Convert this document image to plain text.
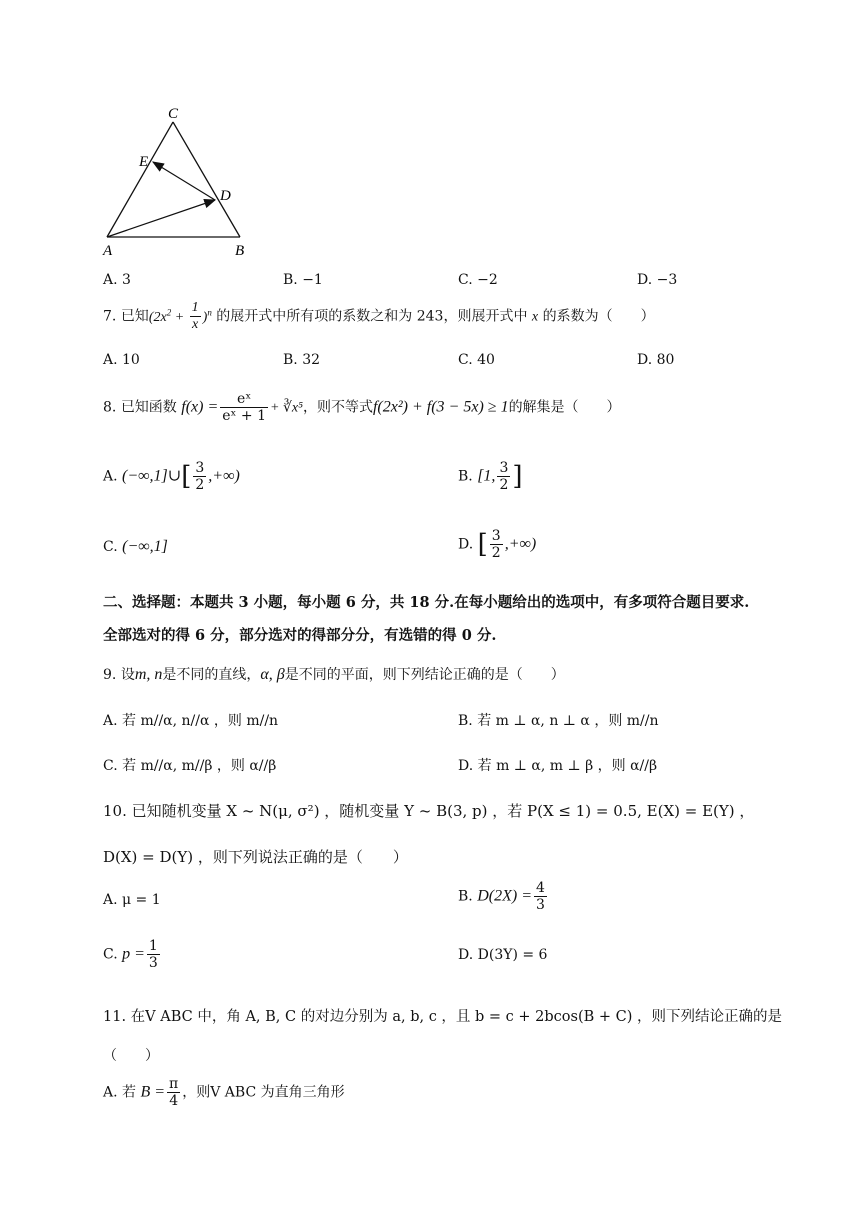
C
E
D
A	B
A. 3	B. −1	C. −2	D. −3
7. 已知$(2x^2 + \frac{1}{x} )^n$ 的展开式中所有项的系数之和为 243，则展开式中 x 的系数为（　　）
A. 10	B. 32	C. 40	D. 80
8. 已知函数 $f(x) = \frac{\text{eˣ}}{\text{eˣ + 1}}$ + ∛x⁵，则不等式f(2x²) + f(3 − 5x) ≥ 1的解集是（　　）
A. (−∞,1]∪[ $\frac{3}{2}$ ,+∞)	B. [1, $\frac{3}{2}$ ]
C. (−∞,1]	D. [ $\frac{3}{2}$ ,+∞)
二、选择题：本题共 3 小题，每小题 6 分，共 18 分.在每小题给出的选项中，有多项符合题目要求.
全部选对的得 6 分，部分选对的得部分分，有选错的得 0 分.
9. 设m, n是不同的直线，α, β是不同的平面，则下列结论正确的是（　　）
A. 若 m//α, n//α ，则 m//n	B. 若 m ⊥ α, n ⊥ α ，则 m//n
C. 若 m//α, m//β ，则 α//β	D. 若 m ⊥ α, m ⊥ β ，则 α//β
10. 已知随机变量 X ~ N(μ, σ²) ，随机变量 Y ~ B(3, p) ，若 P(X ≤ 1) = 0.5, E(X) = E(Y) ，
D(X) = D(Y) ，则下列说法正确的是（　　）
A. μ = 1	B. $D(2X) = \frac{4}{3}$
C. $p = \frac{1}{3}$	D. D(3Y) = 6
11. 在V ABC 中，角 A, B, C 的对边分别为 a, b, c ，且 b = c + 2bcos(B + C) ，则下列结论正确的是
（　　）
A. 若 $B = \frac{\pi}{4}$ ，则V ABC 为直角三角形
